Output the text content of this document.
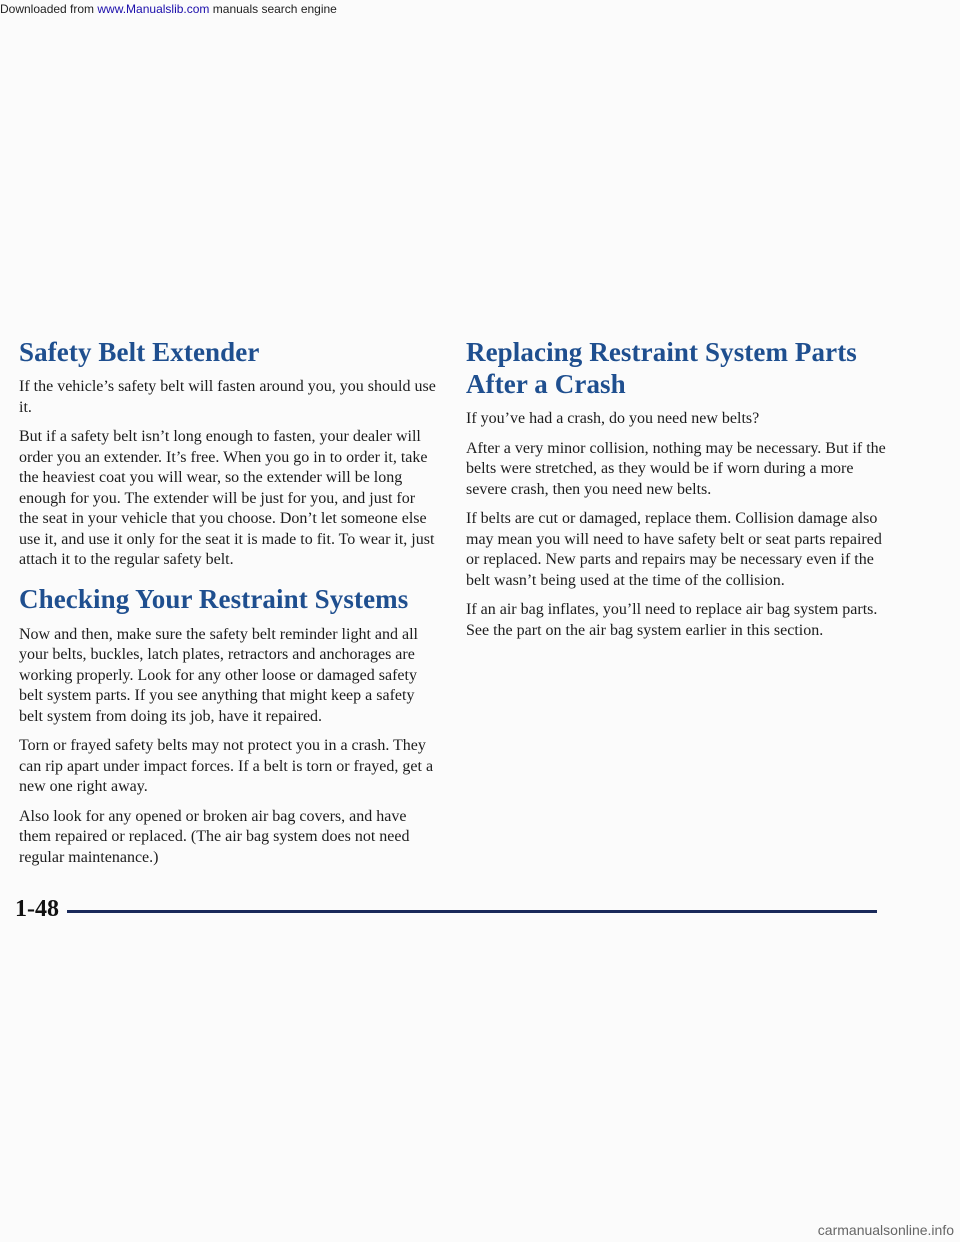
Downloaded from www.Manualslib.com manuals search engine
Safety Belt Extender

If the vehicle’s safety belt will fasten around you, you should use it.

But if a safety belt isn’t long enough to fasten, your dealer will order you an extender. It’s free. When you go in to order it, take the heaviest coat you will wear, so the extender will be long enough for you. The extender will be just for you, and just for the seat in your vehicle that you choose. Don’t let someone else use it, and use it only for the seat it is made to fit. To wear it, just attach it to the regular safety belt.

Checking Your Restraint Systems

Now and then, make sure the safety belt reminder light and all your belts, buckles, latch plates, retractors and anchorages are working properly. Look for any other loose or damaged safety belt system parts. If you see anything that might keep a safety belt system from doing its job, have it repaired.

Torn or frayed safety belts may not protect you in a crash. They can rip apart under impact forces. If a belt is torn or frayed, get a new one right away.

Also look for any opened or broken air bag covers, and have them repaired or replaced. (The air bag system does not need regular maintenance.)

Replacing Restraint System Parts After a Crash

If you’ve had a crash, do you need new belts?

After a very minor collision, nothing may be necessary. But if the belts were stretched, as they would be if worn during a more severe crash, then you need new belts.

If belts are cut or damaged, replace them. Collision damage also may mean you will need to have safety belt or seat parts repaired or replaced. New parts and repairs may be necessary even if the belt wasn’t being used at the time of the collision.

If an air bag inflates, you’ll need to replace air bag system parts. See the part on the air bag system earlier in this section.

1-48
carmanualsonline.info
